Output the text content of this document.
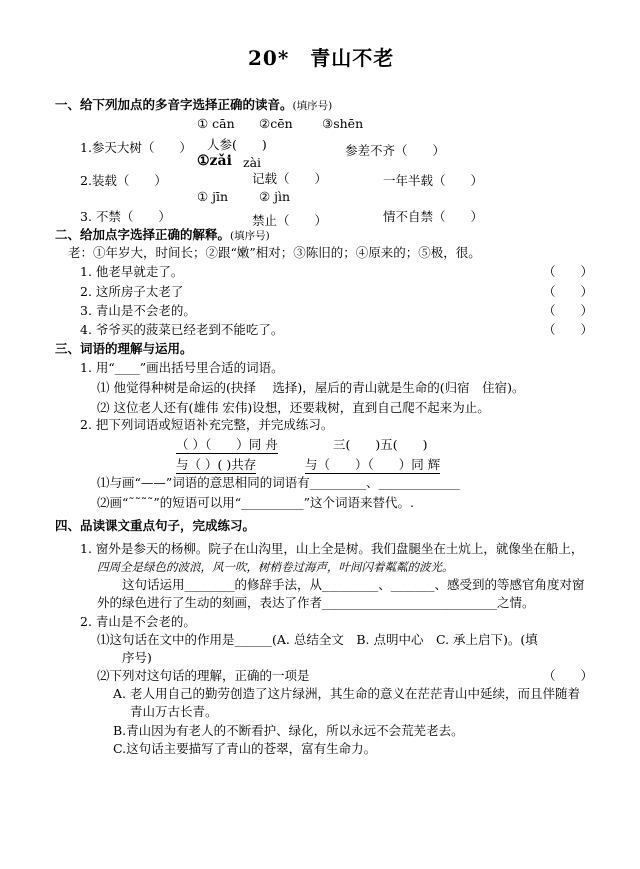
20*　青山不老
一、给下列加点的多音字选择正确的读音。(填序号)
① cān ②cēn ③shēn
1.参天大树（　　） 人参(　　)	参差不齐（　　）
①zǎi zài
2.装载（　　）	记载（　　）	一年半载（　　）
① jīn ② jìn
3. 不禁（　　）	禁止（　　）	情不自禁（　　）
二、给加点字选择正确的解释。(填序号)
老：①年岁大，时间长；②跟“嫩”相对；③陈旧的；④原来的；⑤极，很。
1. 他老早就走了。	（　　）
2. 这所房子太老了	（　　）
3. 青山是不会老的。	（　　）
4. 爷爷买的菠菜已经老到不能吃了。	（　　）
三、词语的理解与运用。
1. 用“____”画出括号里合适的词语。
⑴ 他觉得种树是命运的(抉择　 选择)，屋后的青山就是生命的(归宿　住宿)。
⑵ 这位老人还有(雄伟 宏伟)设想，还要栽树，直到自己爬不起来为止。
2. 把下列词语或短语补充完整，并完成练习。
（ ）（　　）同 舟	三(　　)五(　　)
与（ ）( )共存	与（　　）（　　）同 辉
⑴与画“——”词语的意思相同的词语有_________、_____________
⑵画“˜˜˜˜”的短语可以用“__________”这个词语来替代。.
四、品读课文重点句子，完成练习。
1. 窗外是参天的杨柳。院子在山沟里，山上全是树。我们盘腿坐在土炕上，就像坐在船上，
四周全是绿色的波浪，风一吹，树梢卷过海声，叶间闪着粼粼的波光。
这句话运用________的修辞手法，从_________、_______、感受到的等感官角度对窗
外的绿色进行了生动的刻画，表达了作者____________________________之情。
2. 青山是不会老的。
⑴这句话在文中的作用是______(A. 总结全文　B. 点明中心　C. 承上启下)。(填
序号)
⑵下列对这句话的理解，正确的一项是	（　　）
A. 老人用自己的勤劳创造了这片绿洲，其生命的意义在茫茫青山中延续，而且伴随着
青山万古长青。
B.青山因为有老人的不断看护、绿化，所以永远不会荒芜老去。
C.这句话主要描写了青山的苍翠，富有生命力。
